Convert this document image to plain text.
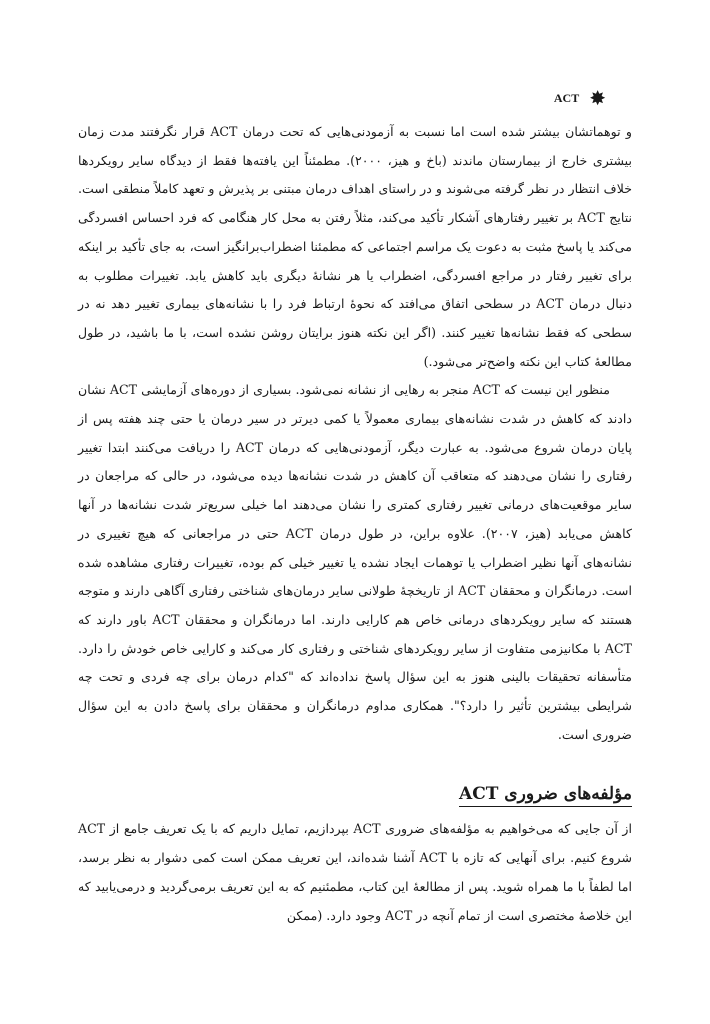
ACT ✸

و توهماتشان بیشتر شده است اما نسبت به آزمودنی‌هایی که تحت درمان ACT قرار نگرفتند مدت زمان بیشتری خارج از بیمارستان ماندند (باخ و هیز، ۲۰۰۰). مطمئناً این یافته‌ها فقط از دیدگاه سایر رویکردها خلاف انتظار در نظر گرفته می‌شوند و در راستای اهداف درمان مبتنی بر پذیرش و تعهد کاملاً منطقی است. نتایج ACT بر تغییر رفتارهای آشکار تأکید می‌کند، مثلاً رفتن به محل کار هنگامی که فرد احساس افسردگی می‌کند یا پاسخ مثبت به دعوت یک مراسم اجتماعی که مطمئنا اضطراب‌برانگیز است، به جای تأکید بر اینکه برای تغییر رفتار در مراجع افسردگی، اضطراب یا هر نشانهٔ دیگری باید کاهش یابد. تغییرات مطلوب به دنبال درمان ACT در سطحی اتفاق می‌افتد که نحوهٔ ارتباط فرد را با نشانه‌های بیماری تغییر دهد نه در سطحی که فقط نشانه‌ها تغییر کنند. (اگر این نکته هنوز برایتان روشن نشده است، با ما باشید، در طول مطالعهٔ کتاب این نکته واضح‌تر می‌شود.)

منظور این نیست که ACT منجر به رهایی از نشانه نمی‌شود. بسیاری از دوره‌های آزمایشی ACT نشان دادند که کاهش در شدت نشانه‌های بیماری معمولاً یا کمی دیرتر در سیر درمان یا حتی چند هفته پس از پایان درمان شروع می‌شود. به عبارت دیگر، آزمودنی‌هایی که درمان ACT را دریافت می‌کنند ابتدا تغییر رفتاری را نشان می‌دهند که متعاقب آن کاهش در شدت نشانه‌ها دیده می‌شود، در حالی که مراجعان در سایر موقعیت‌های درمانی تغییر رفتاری کمتری را نشان می‌دهند اما خیلی سریع‌تر شدت نشانه‌ها در آنها کاهش می‌یابد (هیز، ۲۰۰۷). علاوه براین، در طول درمان ACT حتی در مراجعانی که هیچ تغییری در نشانه‌های آنها نظیر اضطراب یا توهمات ایجاد نشده یا تغییر خیلی کم بوده، تغییرات رفتاری مشاهده شده است. درمانگران و محققان ACT از تاریخچهٔ طولانی سایر درمان‌های شناختی رفتاری آگاهی دارند و متوجه هستند که سایر رویکردهای درمانی خاص هم کارایی دارند. اما درمانگران و محققان ACT باور دارند که ACT با مکانیزمی متفاوت از سایر رویکردهای شناختی و رفتاری کار می‌کند و کارایی خاص خودش را دارد. متأسفانه تحقیقات بالینی هنوز به این سؤال پاسخ نداده‌اند که "کدام درمان برای چه فردی و تحت چه شرایطی بیشترین تأثیر را دارد؟". همکاری مداوم درمانگران و محققان برای پاسخ دادن به این سؤال ضروری است.

مؤلفه‌های ضروری ACT

از آن جایی که می‌خواهیم به مؤلفه‌های ضروری ACT بپردازیم، تمایل داریم که با یک تعریف جامع از ACT شروع کنیم. برای آنهایی که تازه با ACT آشنا شده‌اند، این تعریف ممکن است کمی دشوار به نظر برسد، اما لطفاً با ما همراه شوید. پس از مطالعهٔ این کتاب، مطمئنیم که به این تعریف برمی‌گردید و درمی‌یابید که این خلاصهٔ مختصری است از تمام آنچه در ACT وجود دارد. (ممکن
